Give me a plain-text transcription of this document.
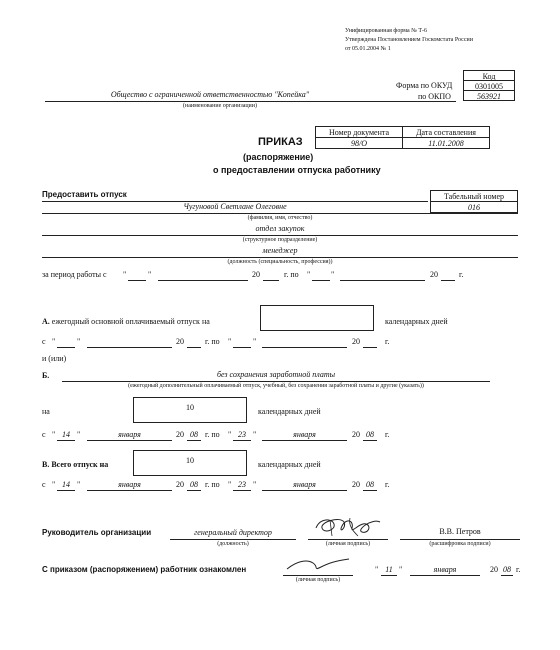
Унифицированная форма № Т-6
Утверждена Постановлением Госкомстата России
от 05.01.2004 № 1
Код
0301005
563921
Форма по ОКУД
по ОКПО
Общество с ограниченной ответственностью "Копейка"
(наименование организации)
Номер документа	Дата составления
98/О	11.01.2008
ПРИКАЗ
(распоряжение)
о предоставлении отпуска работнику
Предоставить отпуск	Табельный номер
016
Чугуновой Светлане Олеговне
(фамилия, имя, отчество)
отдел закупок
(структурное подразделение)
менеджер
(должность (специальность, профессия))
за период работы с "	"	20	г. по "	"	20	г.
А. ежегодный основной оплачиваемый отпуск на	календарных дней
с "	"	20	г. по "	"	20	г.
и (или)
Б.	без сохранения заработной платы
(ежегодный дополнительный оплачиваемый отпуск, учебный, без сохранения заработной платы и другие (указать))
на	10	календарных дней
с " 14 "	января	20 08 г. по " 23 "	января	20 08	г.
В. Всего отпуск на	10	календарных дней
с " 14 "	января	20 08 г. по " 23 "	января	20 08	г.
Руководитель организации	генеральный директор
(должность)	(личная подпись)
В.В. Петров
(расшифровка подписи)
С приказом (распоряжением) работник ознакомлен
(личная подпись)
" 11 "	января	20 08 г.
